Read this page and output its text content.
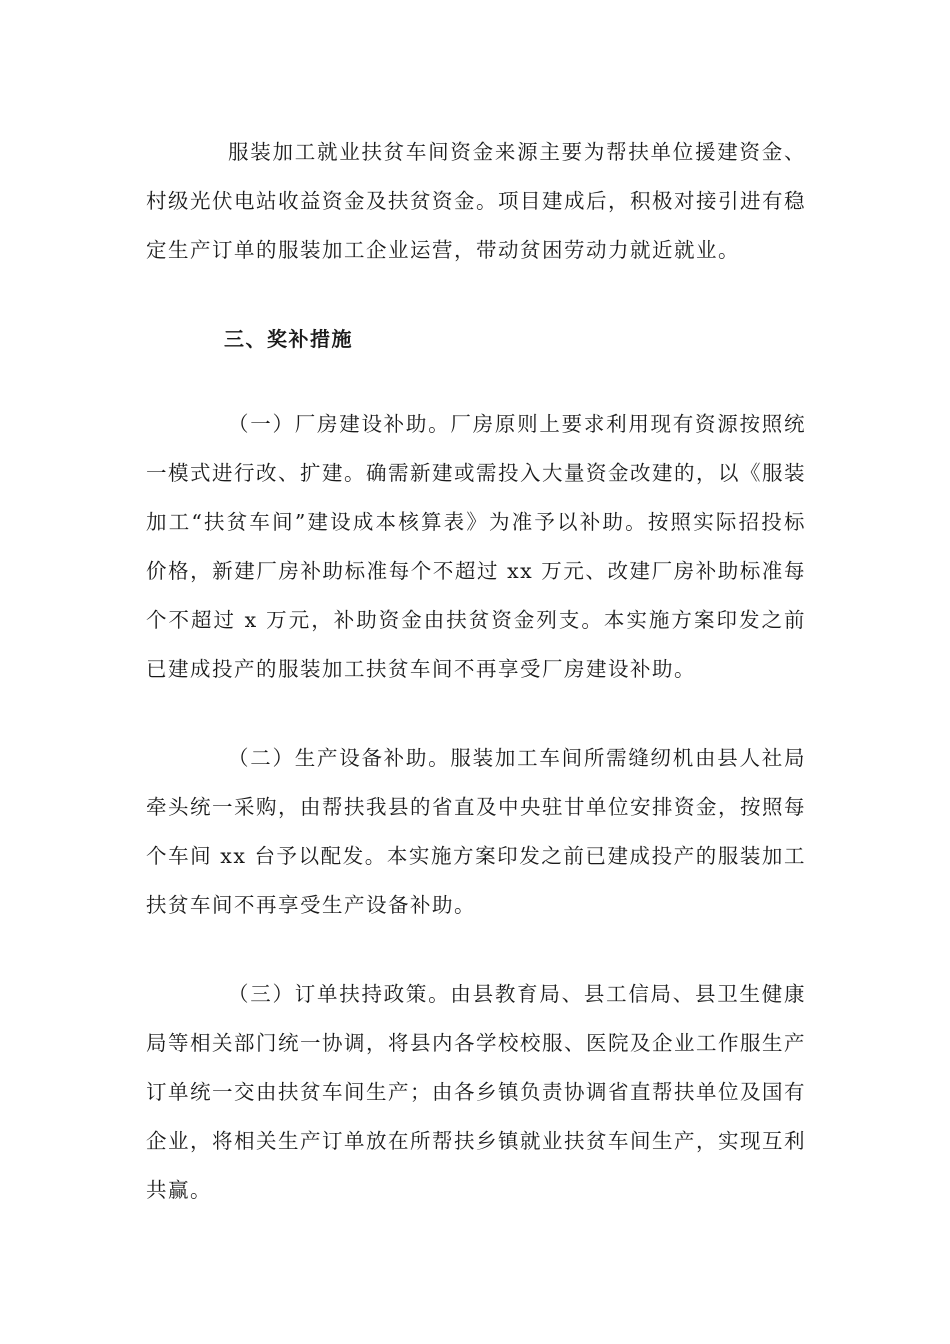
服装加工就业扶贫车间资金来源主要为帮扶单位援建资金、村级光伏电站收益资金及扶贫资金。项目建成后，积极对接引进有稳定生产订单的服装加工企业运营，带动贫困劳动力就近就业。

三、奖补措施

（一）厂房建设补助。厂房原则上要求利用现有资源按照统一模式进行改、扩建。确需新建或需投入大量资金改建的，以《服装加工“扶贫车间”建设成本核算表》为准予以补助。按照实际招投标价格，新建厂房补助标准每个不超过 xx 万元、改建厂房补助标准每个不超过 x 万元，补助资金由扶贫资金列支。本实施方案印发之前已建成投产的服装加工扶贫车间不再享受厂房建设补助。

（二）生产设备补助。服装加工车间所需缝纫机由县人社局牵头统一采购，由帮扶我县的省直及中央驻甘单位安排资金，按照每个车间 xx 台予以配发。本实施方案印发之前已建成投产的服装加工扶贫车间不再享受生产设备补助。

（三）订单扶持政策。由县教育局、县工信局、县卫生健康局等相关部门统一协调，将县内各学校校服、医院及企业工作服生产订单统一交由扶贫车间生产；由各乡镇负责协调省直帮扶单位及国有企业，将相关生产订单放在所帮扶乡镇就业扶贫车间生产，实现互利共赢。
